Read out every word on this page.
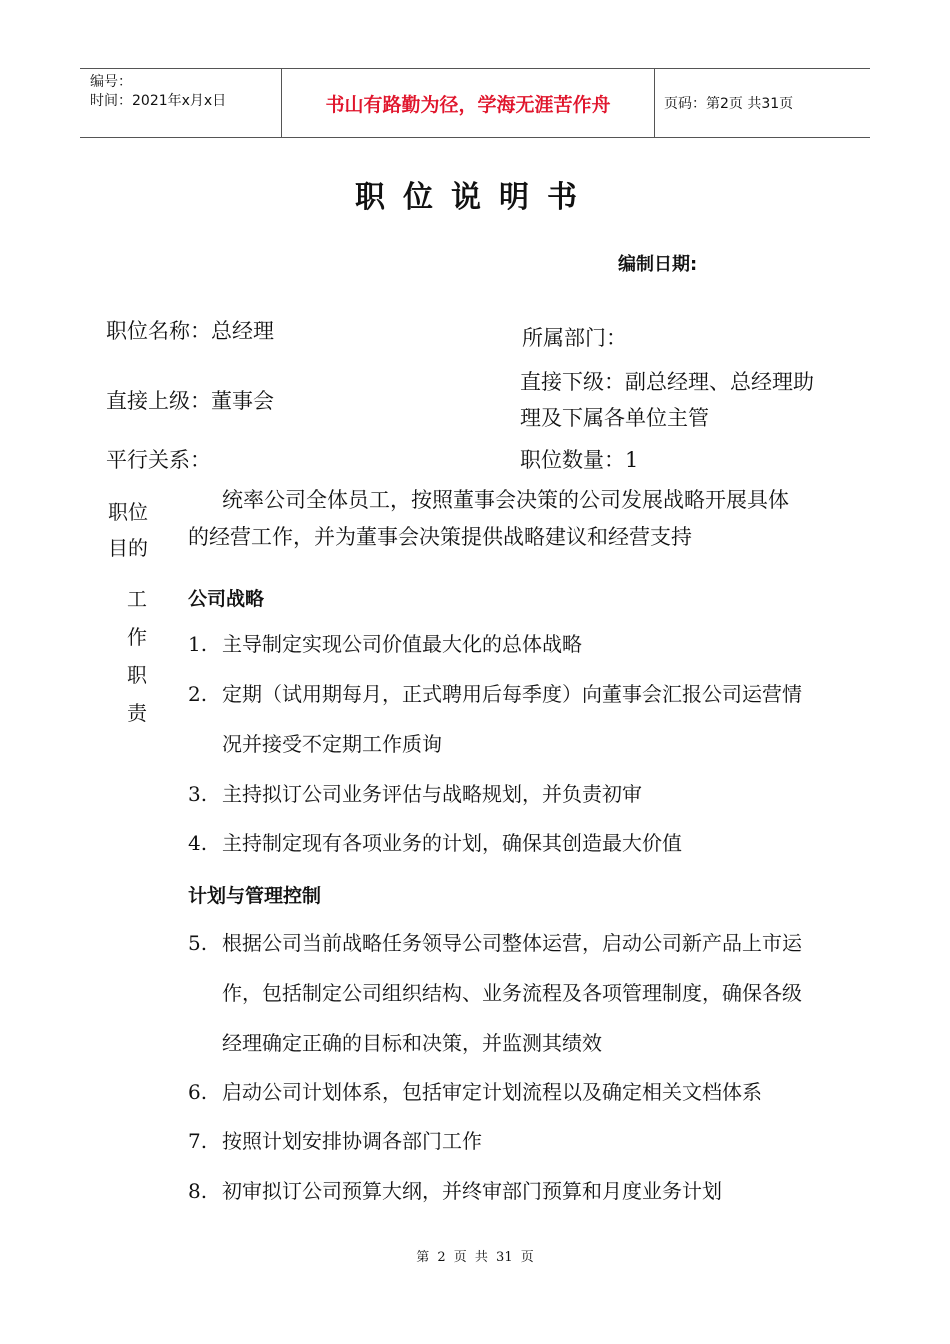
编号：
时间：2021年x月x日	书山有路勤为径，学海无涯苦作舟	页码：第2页 共31页
职位说明书
编制日期:
职位名称：总经理	所属部门：
直接上级：董事会
直接下级：副总经理、总经理助
理及下属各单位主管
平行关系：	职位数量：1
职位
目的
统率公司全体员工，按照董事会决策的公司发展战略开展具体
的经营工作，并为董事会决策提供战略建议和经营支持
工
作
职
责
公司战略
1. 主导制定实现公司价值最大化的总体战略
2. 定期（试用期每月，正式聘用后每季度）向董事会汇报公司运营情
况并接受不定期工作质询
3. 主持拟订公司业务评估与战略规划，并负责初审
4. 主持制定现有各项业务的计划，确保其创造最大价值
计划与管理控制
5. 根据公司当前战略任务领导公司整体运营，启动公司新产品上市运
作，包括制定公司组织结构、业务流程及各项管理制度，确保各级
经理确定正确的目标和决策，并监测其绩效
6. 启动公司计划体系，包括审定计划流程以及确定相关文档体系
7. 按照计划安排协调各部门工作
8. 初审拟订公司预算大纲，并终审部门预算和月度业务计划
第 2 页 共 31 页
